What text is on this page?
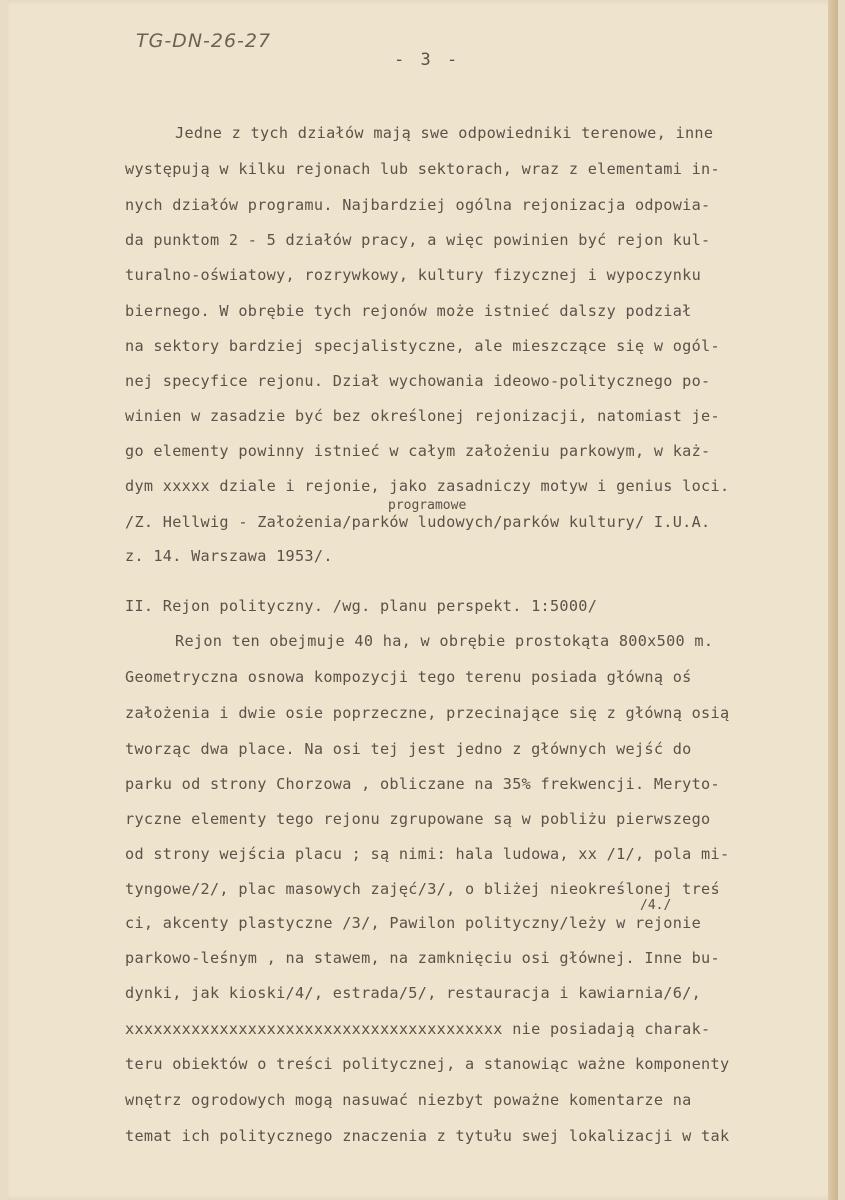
TG-DN-26-27
- 3 -
Jedne z tych działów mają swe odpowiedniki terenowe, inne
występują w kilku rejonach lub sektorach, wraz z elementami in-
nych działów programu. Najbardziej ogólna rejonizacja odpowia-
da punktom 2 - 5 działów pracy, a więc powinien być rejon kul-
turalno-oświatowy, rozrywkowy, kultury fizycznej i wypoczynku
biernego. W obrębie tych rejonów może istnieć dalszy podział
na sektory bardziej specjalistyczne, ale mieszczące się w ogól-
nej specyfice rejonu. Dział wychowania ideowo-politycznego po-
winien w zasadzie być bez określonej rejonizacji, natomiast je-
go elementy powinny istnieć w całym założeniu parkowym, w każ-
dym xxxxx dziale i rejonie, jako zasadniczy motyw i genius loci.
programowe
/Z. Hellwig - Założenia/parków ludowych/parków kultury/ I.U.A.
z. 14. Warszawa 1953/.
II. Rejon polityczny. /wg. planu perspekt. 1:5000/
Rejon ten obejmuje 40 ha, w obrębie prostokąta 800x500 m.
Geometryczna osnowa kompozycji tego terenu posiada główną oś
założenia i dwie osie poprzeczne, przecinające się z główną osią
tworząc dwa place. Na osi tej jest jedno z głównych wejść do
parku od strony Chorzowa , obliczane na 35% frekwencji. Meryto-
ryczne elementy tego rejonu zgrupowane są w pobliżu pierwszego
od strony wejścia placu ; są nimi: hala ludowa, xx /1/, pola mi-
tyngowe/2/, plac masowych zajęć/3/, o bliżej nieokreślonej treś
/4./
ci, akcenty plastyczne /3/, Pawilon polityczny/leży w rejonie
parkowo-leśnym , na stawem, na zamknięciu osi głównej. Inne bu-
dynki, jak kioski/4/, estrada/5/, restauracja i kawiarnia/6/,
xxxxxxxxxxxxxxxxxxxxxxxxxxxxxxxxxxxxxxxx nie posiadają charak-
teru obiektów o treści politycznej, a stanowiąc ważne komponenty
wnętrz ogrodowych mogą nasuwać niezbyt poważne komentarze na
temat ich politycznego znaczenia z tytułu swej lokalizacji w tak
